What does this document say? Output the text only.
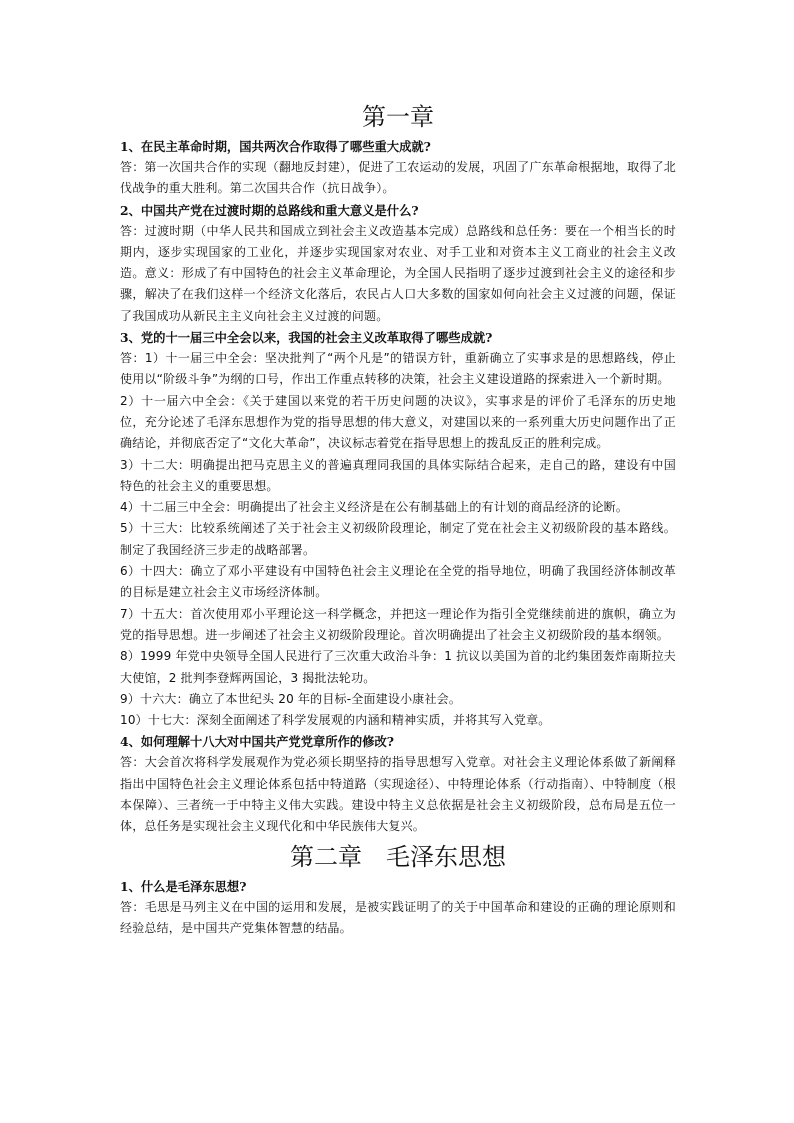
第一章

1、在民主革命时期，国共两次合作取得了哪些重大成就?

答：第一次国共合作的实现（翻地反封建），促进了工农运动的发展，巩固了广东革命根据地，取得了北伐战争的重大胜利。第二次国共合作（抗日战争）。

2、中国共产党在过渡时期的总路线和重大意义是什么?

答：过渡时期（中华人民共和国成立到社会主义改造基本完成）总路线和总任务：要在一个相当长的时期内，逐步实现国家的工业化，并逐步实现国家对农业、对手工业和对资本主义工商业的社会主义改造。意义：形成了有中国特色的社会主义革命理论，为全国人民指明了逐步过渡到社会主义的途径和步骤，解决了在我们这样一个经济文化落后，农民占人口大多数的国家如何向社会主义过渡的问题，保证了我国成功从新民主主义向社会主义过渡的问题。

3、党的十一届三中全会以来，我国的社会主义改革取得了哪些成就?

答：1）十一届三中全会：坚决批判了“两个凡是”的错误方针，重新确立了实事求是的思想路线，停止使用以“阶级斗争”为纲的口号，作出工作重点转移的决策，社会主义建设道路的探索进入一个新时期。

2）十一届六中全会：《关于建国以来党的若干历史问题的决议》，实事求是的评价了毛泽东的历史地位，充分论述了毛泽东思想作为党的指导思想的伟大意义，对建国以来的一系列重大历史问题作出了正确结论，并彻底否定了“文化大革命”，决议标志着党在指导思想上的拨乱反正的胜利完成。

3）十二大：明确提出把马克思主义的普遍真理同我国的具体实际结合起来，走自己的路，建设有中国特色的社会主义的重要思想。

4）十二届三中全会：明确提出了社会主义经济是在公有制基础上的有计划的商品经济的论断。

5）十三大：比较系统阐述了关于社会主义初级阶段理论，制定了党在社会主义初级阶段的基本路线。制定了我国经济三步走的战略部署。

6）十四大：确立了邓小平建设有中国特色社会主义理论在全党的指导地位，明确了我国经济体制改革的目标是建立社会主义市场经济体制。

7）十五大：首次使用邓小平理论这一科学概念，并把这一理论作为指引全党继续前进的旗帜，确立为党的指导思想。进一步阐述了社会主义初级阶段理论。首次明确提出了社会主义初级阶段的基本纲领。

8）1999 年党中央领导全国人民进行了三次重大政治斗争：1 抗议以美国为首的北约集团轰炸南斯拉夫大使馆，2 批判李登辉两国论，3 揭批法轮功。

9）十六大：确立了本世纪头 20 年的目标-全面建设小康社会。

10）十七大：深刻全面阐述了科学发展观的内涵和精神实质，并将其写入党章。

4、如何理解十八大对中国共产党党章所作的修改?

答：大会首次将科学发展观作为党必须长期坚持的指导思想写入党章。对社会主义理论体系做了新阐释指出中国特色社会主义理论体系包括中特道路（实现途径）、中特理论体系（行动指南）、中特制度（根本保障）、三者统一于中特主义伟大实践。建设中特主义总依据是社会主义初级阶段，总布局是五位一体，总任务是实现社会主义现代化和中华民族伟大复兴。

第二章　毛泽东思想

1、什么是毛泽东思想?

答：毛思是马列主义在中国的运用和发展，是被实践证明了的关于中国革命和建设的正确的理论原则和经验总结，是中国共产党集体智慧的结晶。
